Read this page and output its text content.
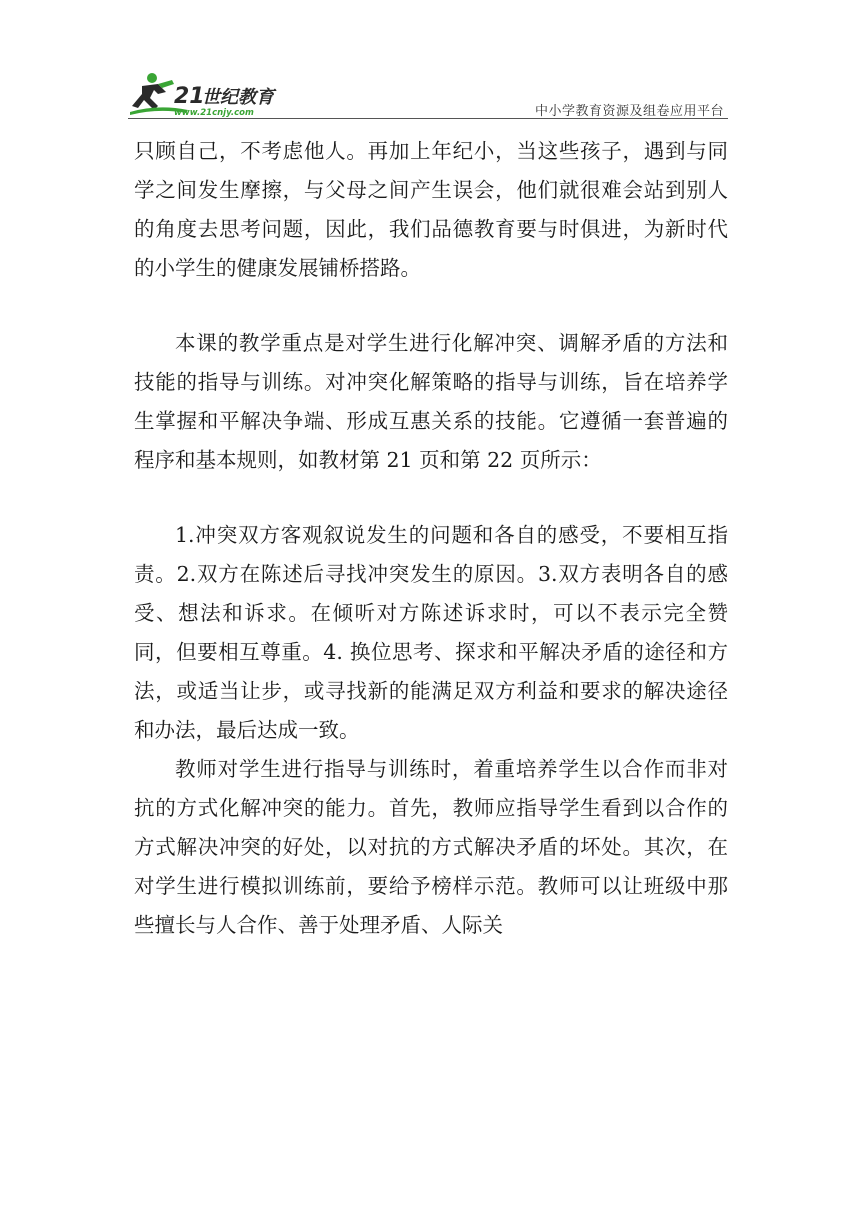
21
世纪教育
www.21cnjy.com	中小学教育资源及组卷应用平台

只顾自己，不考虑他人。再加上年纪小，当这些孩子，遇到与同学之间发生摩擦，与父母之间产生误会，他们就很难会站到别人的角度去思考问题，因此，我们品德教育要与时俱进，为新时代的小学生的健康发展铺桥搭路。

本课的教学重点是对学生进行化解冲突、调解矛盾的方法和技能的指导与训练。对冲突化解策略的指导与训练，旨在培养学生掌握和平解决争端、形成互惠关系的技能。它遵循一套普遍的程序和基本规则，如教材第 21 页和第 22 页所示：

1.冲突双方客观叙说发生的问题和各自的感受，不要相互指责。2.双方在陈述后寻找冲突发生的原因。3.双方表明各自的感受、想法和诉求。在倾听对方陈述诉求时，可以不表示完全赞同，但要相互尊重。4. 换位思考、探求和平解决矛盾的途径和方法，或适当让步，或寻找新的能满足双方利益和要求的解决途径和办法，最后达成一致。

教师对学生进行指导与训练时，着重培养学生以合作而非对抗的方式化解冲突的能力。首先，教师应指导学生看到以合作的方式解决冲突的好处，以对抗的方式解决矛盾的坏处。其次，在对学生进行模拟训练前，要给予榜样示范。教师可以让班级中那些擅长与人合作、善于处理矛盾、人际关
